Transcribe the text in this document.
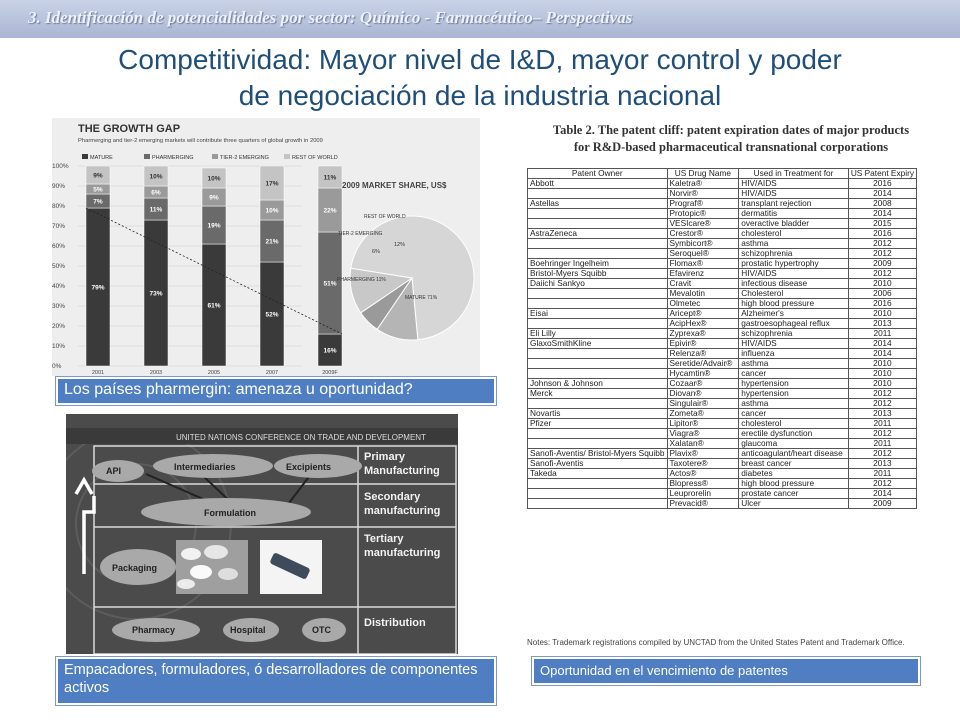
3. Identificación de potencialidades por sector: Químico - Farmacéutico– Perspectivas
Competitividad: Mayor nivel de I&D, mayor control y poder
de negociación de la industria nacional
THE GROWTH GAP
Pharmerging and tier-2 emerging markets will contribute three quarters of global growth in 2009
MATURE	PHARMERGING	TIER-2 EMERGING	REST OF WORLD
0%
10%
20%
30%
40%
50%
60%
70%
80%
90%
100%
79%
7%
5%
9%
2001
73%
11%
6%
10%
2003
61%
19%
9%
10%
2005
52%
21%
10%
17%
2007
16%
51%
22%
11%
2009F
2009 MARKET SHARE, US$
REST OF WORLD
TIER-2 EMERGING
PHARMERGING 11%
MATURE 71%
12%
6%
Los países pharmergin: amenaza u oportunidad?
UNITED NATIONS CONFERENCE ON TRADE AND DEVELOPMENT
API	Intermediaries	Excipients
Formulation
Packaging
Pharmacy	Hospital	OTC
Primary Manufacturing
Secondary manufacturing
Tertiary manufacturing
Distribution
Empacadores, formuladores, ó desarrolladores de componentes activos
Table 2. The patent cliff: patent expiration dates of major products
for R&D-based pharmaceutical transnational corporations
Patent Owner	US Drug Name	Used in Treatment for	US Patent Expiry
Abbott	Kaletra®	HIV/AIDS	2016
	Norvir®	HIV/AIDS	2014
Astellas	Prograf®	transplant rejection	2008
	Protopic®	dermatitis	2014
	VESIcare®	overactive bladder	2015
AstraZeneca	Crestor®	cholesterol	2016
	Symbicort®	asthma	2012
	Seroquel®	schizophrenia	2012
Boehringer Ingelheim	Flomax®	prostatic hypertrophy	2009
Bristol-Myers Squibb	Efavirenz	HIV/AIDS	2012
Daiichi Sankyo	Cravit	infectious disease	2010
	Mevalotin	Cholesterol	2006
	Olmetec	high blood pressure	2016
Eisai	Aricept®	Alzheimer's	2010
	AcipHex®	gastroesophageal reflux	2013
Eli Lilly	Zyprexa®	schizophrenia	2011
GlaxoSmithKline	Epivir®	HIV/AIDS	2014
	Relenza®	influenza	2014
	Seretide/Advair®	asthma	2010
	Hycamtin®	cancer	2010
Johnson & Johnson	Cozaar®	hypertension	2010
Merck	Diovan®	hypertension	2012
	Singulair®	asthma	2012
Novartis	Zometa®	cancer	2013
Pfizer	Lipitor®	cholesterol	2011
	Viagra®	erectile dysfunction	2012
	Xalatan®	glaucoma	2011
Sanofi-Aventis/ Bristol-Myers Squibb	Plavix®	anticoagulant/heart disease	2012
Sanofi-Aventis	Taxotere®	breast cancer	2013
Takeda	Actos®	diabetes	2011
	Blopress®	high blood pressure	2012
	Leuprorelin	prostate cancer	2014
	Prevacid®	Ulcer	2009
Notes: Trademark registrations compiled by UNCTAD from the United States Patent and Trademark Office.
Oportunidad en el vencimiento de patentes
